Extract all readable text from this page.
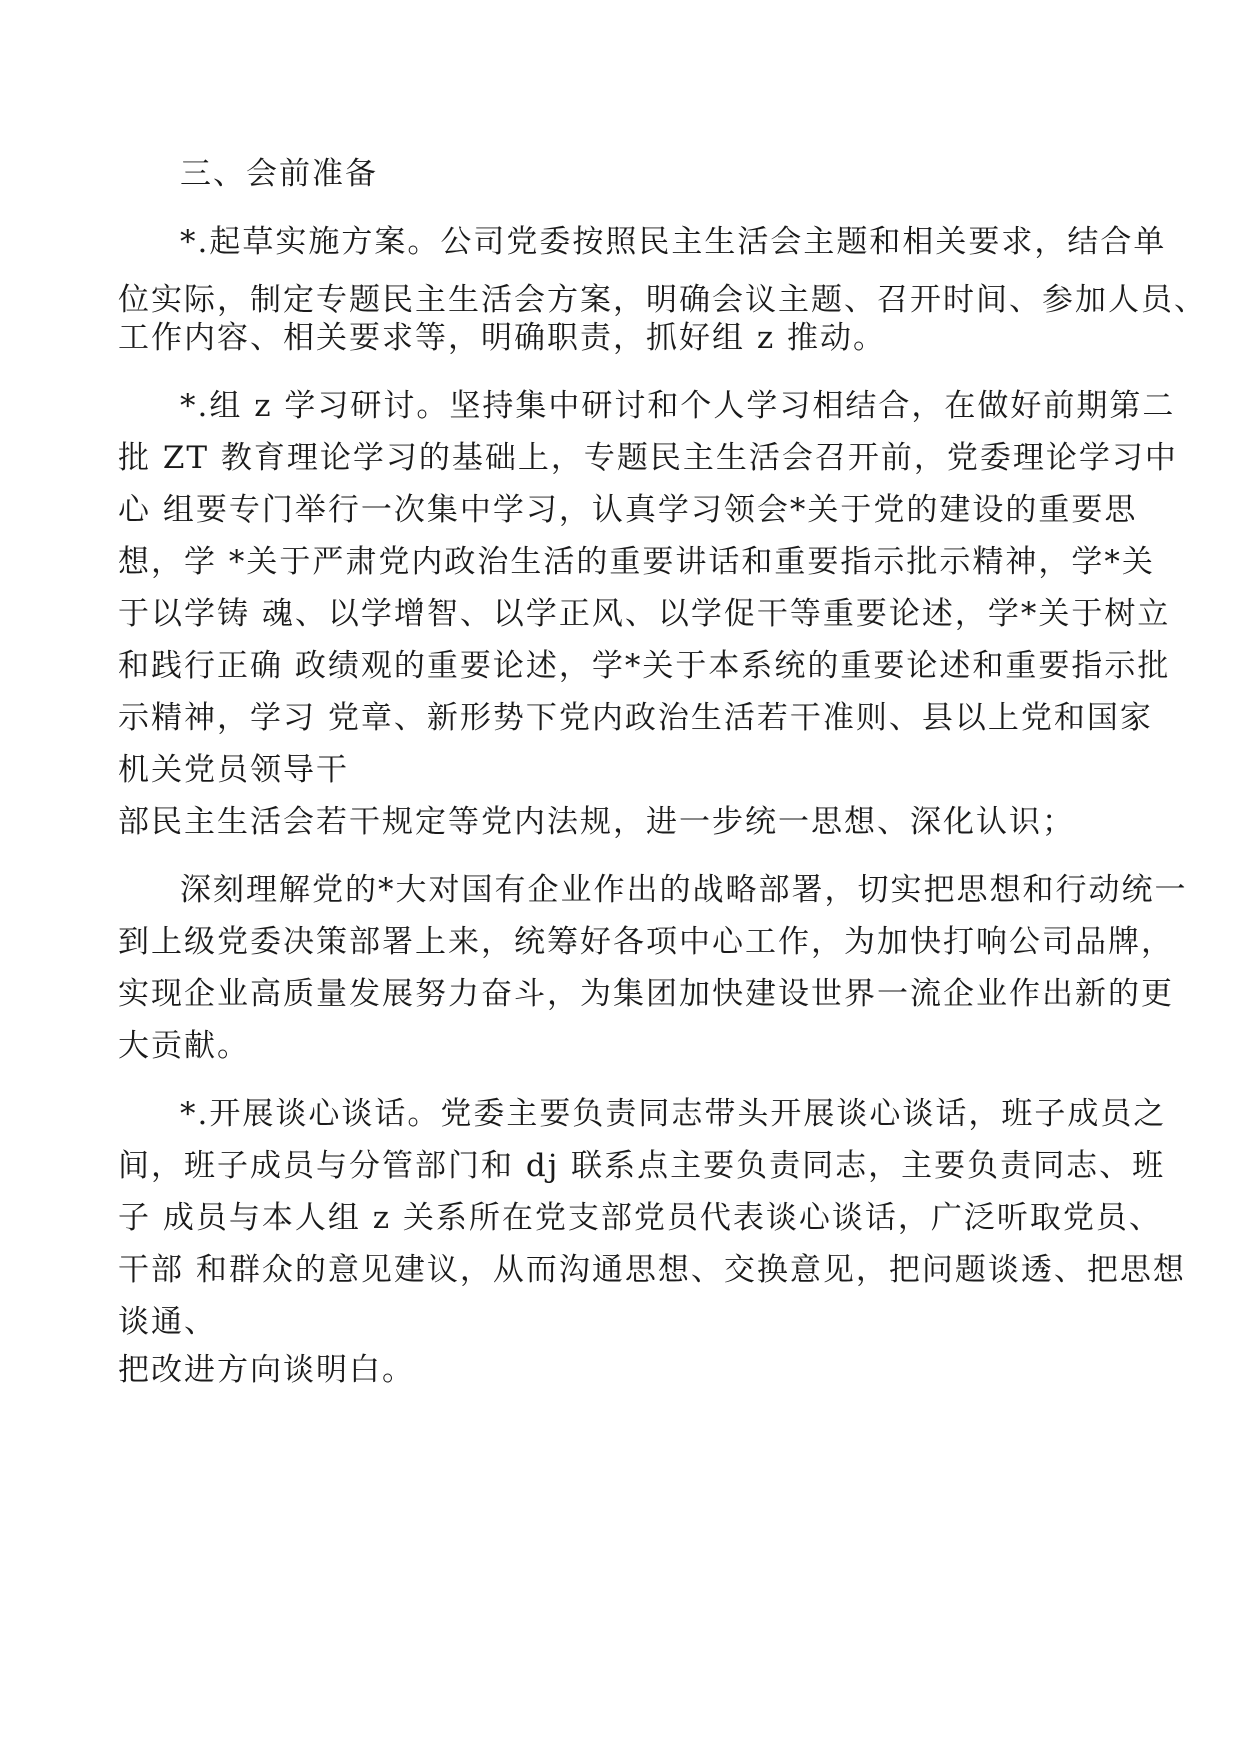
三、会前准备
*.起草实施方案。公司党委按照民主生活会主题和相关要求，结合单
位实际，制定专题民主生活会方案，明确会议主题、召开时间、参加人员、
工作内容、相关要求等，明确职责，抓好组 z 推动。
*.组 z 学习研讨。坚持集中研讨和个人学习相结合，在做好前期第二
批 ZT 教育理论学习的基础上，专题民主生活会召开前，党委理论学习中
心 组要专门举行一次集中学习，认真学习领会*关于党的建设的重要思
想，学 *关于严肃党内政治生活的重要讲话和重要指示批示精神，学*关
于以学铸 魂、以学增智、以学正风、以学促干等重要论述，学*关于树立
和践行正确 政绩观的重要论述，学*关于本系统的重要论述和重要指示批
示精神，学习 党章、新形势下党内政治生活若干准则、县以上党和国家
机关党员领导干
部民主生活会若干规定等党内法规，进一步统一思想、深化认识；
深刻理解党的*大对国有企业作出的战略部署，切实把思想和行动统一
到上级党委决策部署上来，统筹好各项中心工作，为加快打响公司品牌，
实现企业高质量发展努力奋斗，为集团加快建设世界一流企业作出新的更
大贡献。
*.开展谈心谈话。党委主要负责同志带头开展谈心谈话，班子成员之
间，班子成员与分管部门和 dj 联系点主要负责同志，主要负责同志、班
子 成员与本人组 z 关系所在党支部党员代表谈心谈话，广泛听取党员、
干部 和群众的意见建议，从而沟通思想、交换意见，把问题谈透、把思想
谈通、
把改进方向谈明白。
